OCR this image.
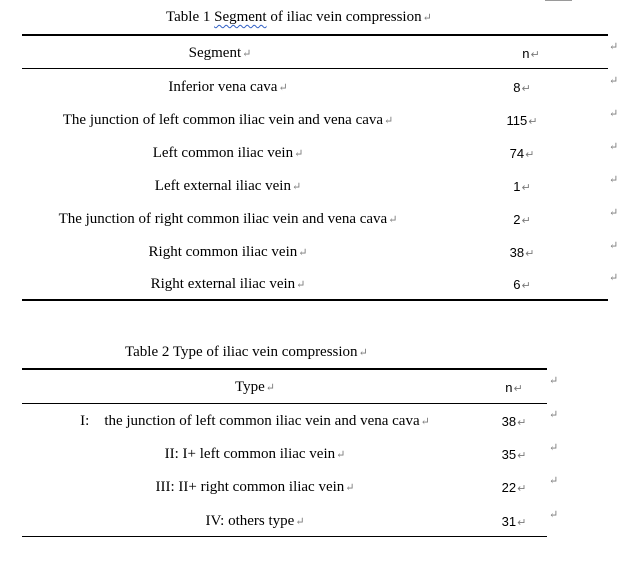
Table 1 Segment of iliac vein compression↵
Segment↵	n↵
↵
Inferior vena cava↵	8↵
↵
The junction of left common iliac vein and vena cava↵	115↵
↵
Left common iliac vein↵	74↵
↵
Left external iliac vein↵	1↵
↵
The junction of right common iliac vein and vena cava↵	2↵
↵
Right common iliac vein↵	38↵
↵
Right external iliac vein↵	6↵
↵
Table 2 Type of iliac vein compression↵
Type↵	n↵
↵
I:    the junction of left common iliac vein and vena cava↵	38↵
↵
II: I+ left common iliac vein↵	35↵
↵
III: II+ right common iliac vein↵	22↵
↵
IV: others type↵	31↵
↵
